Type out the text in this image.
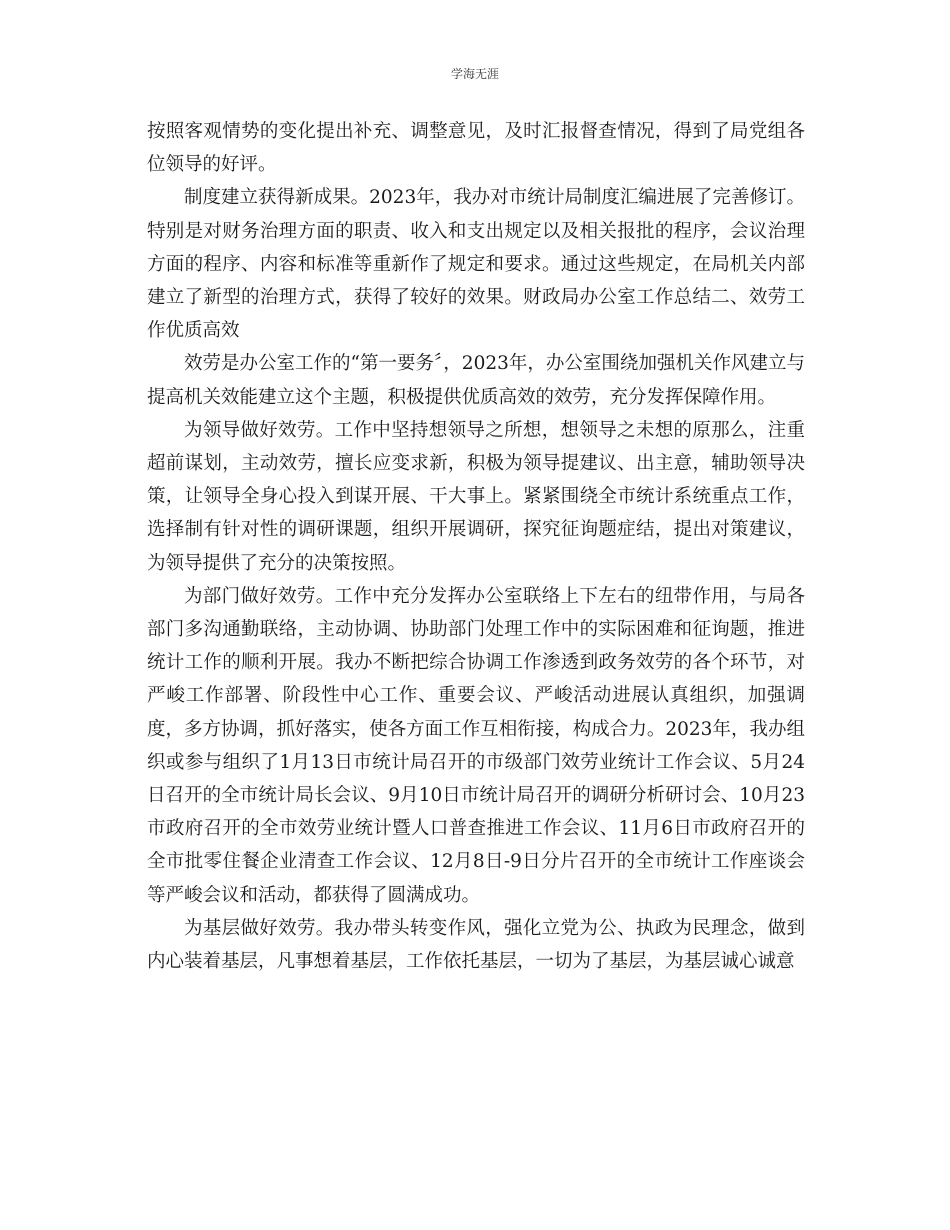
学海无涯

按照客观情势的变化提出补充、调整意见，及时汇报督查情况，得到了局党组各位领导的好评。

制度建立获得新成果。2023年，我办对市统计局制度汇编进展了完善修订。特别是对财务治理方面的职责、收入和支出规定以及相关报批的程序，会议治理方面的程序、内容和标准等重新作了规定和要求。通过这些规定，在局机关内部建立了新型的治理方式，获得了较好的效果。财政局办公室工作总结二、效劳工作优质高效

效劳是办公室工作的“第一要务〞，2023年，办公室围绕加强机关作风建立与提高机关效能建立这个主题，积极提供优质高效的效劳，充分发挥保障作用。

为领导做好效劳。工作中坚持想领导之所想，想领导之未想的原那么，注重超前谋划，主动效劳，擅长应变求新，积极为领导提建议、出主意，辅助领导决策，让领导全身心投入到谋开展、干大事上。紧紧围绕全市统计系统重点工作，选择制有针对性的调研课题，组织开展调研，探究征询题症结，提出对策建议，为领导提供了充分的决策按照。

为部门做好效劳。工作中充分发挥办公室联络上下左右的纽带作用，与局各部门多沟通勤联络，主动协调、协助部门处理工作中的实际困难和征询题，推进统计工作的顺利开展。我办不断把综合协调工作渗透到政务效劳的各个环节，对严峻工作部署、阶段性中心工作、重要会议、严峻活动进展认真组织，加强调度，多方协调，抓好落实，使各方面工作互相衔接，构成合力。2023年，我办组织或参与组织了1月13日市统计局召开的市级部门效劳业统计工作会议、5月24日召开的全市统计局长会议、9月10日市统计局召开的调研分析研讨会、10月23市政府召开的全市效劳业统计暨人口普查推进工作会议、11月6日市政府召开的全市批零住餐企业清查工作会议、12月8日-9日分片召开的全市统计工作座谈会等严峻会议和活动，都获得了圆满成功。

为基层做好效劳。我办带头转变作风，强化立党为公、执政为民理念，做到内心装着基层，凡事想着基层，工作依托基层，一切为了基层，为基层诚心诚意
